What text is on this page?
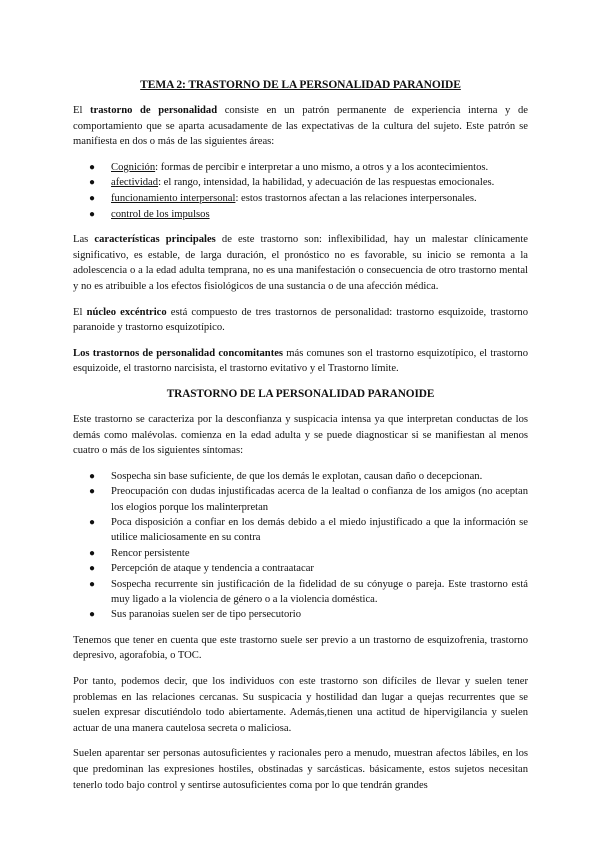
TEMA 2: TRASTORNO DE LA PERSONALIDAD PARANOIDE

El trastorno de personalidad consiste en un patrón permanente de experiencia interna y de comportamiento que se aparta acusadamente de las expectativas de la cultura del sujeto. Este patrón se manifiesta en dos o más de las siguientes áreas:

● Cognición: formas de percibir e interpretar a uno mismo, a otros y a los acontecimientos.
● afectividad: el rango, intensidad, la habilidad, y adecuación de las respuestas emocionales.
● funcionamiento interpersonal: estos trastornos afectan a las relaciones interpersonales.
● control de los impulsos

Las características principales de este trastorno son: inflexibilidad, hay un malestar clínicamente significativo, es estable, de larga duración, el pronóstico no es favorable, su inicio se remonta a la adolescencia o a la edad adulta temprana, no es una manifestación o consecuencia de otro trastorno mental y no es atribuible a los efectos fisiológicos de una sustancia o de una afección médica.

El núcleo excéntrico está compuesto de tres trastornos de personalidad: trastorno esquizoide, trastorno paranoide y trastorno esquizotípico.

Los trastornos de personalidad concomitantes más comunes son el trastorno esquizotípico, el trastorno esquizoide, el trastorno narcisista, el trastorno evitativo y el Trastorno límite.

TRASTORNO DE LA PERSONALIDAD PARANOIDE

Este trastorno se caracteriza por la desconfianza y suspicacia intensa ya que interpretan conductas de los demás como malévolas. comienza en la edad adulta y se puede diagnosticar si se manifiestan al menos cuatro o más de los siguientes síntomas:

● Sospecha sin base suficiente, de que los demás le explotan, causan daño o decepcionan.
● Preocupación con dudas injustificadas acerca de la lealtad o confianza de los amigos (no aceptan los elogios porque los malinterpretan
● Poca disposición a confiar en los demás debido a el miedo injustificado a que la información se utilice maliciosamente en su contra
● Rencor persistente
● Percepción de ataque y tendencia a contraatacar
● Sospecha recurrente sin justificación de la fidelidad de su cónyuge o pareja. Este trastorno está muy ligado a la violencia de género o a la violencia doméstica.
● Sus paranoias suelen ser de tipo persecutorio

Tenemos que tener en cuenta que este trastorno suele ser previo a un trastorno de esquizofrenia, trastorno depresivo, agorafobia, o TOC.

Por tanto, podemos decir, que los individuos con este trastorno son difíciles de llevar y suelen tener problemas en las relaciones cercanas. Su suspicacia y hostilidad dan lugar a quejas recurrentes que se suelen expresar discutiéndolo todo abiertamente. Además,tienen una actitud de hipervigilancia y suelen actuar de una manera cautelosa secreta o maliciosa.

Suelen aparentar ser personas autosuficientes y racionales pero a menudo, muestran afectos lábiles, en los que predominan las expresiones hostiles, obstinadas y sarcásticas. básicamente, estos sujetos necesitan tenerlo todo bajo control y sentirse autosuficientes coma por lo que tendrán grandes
